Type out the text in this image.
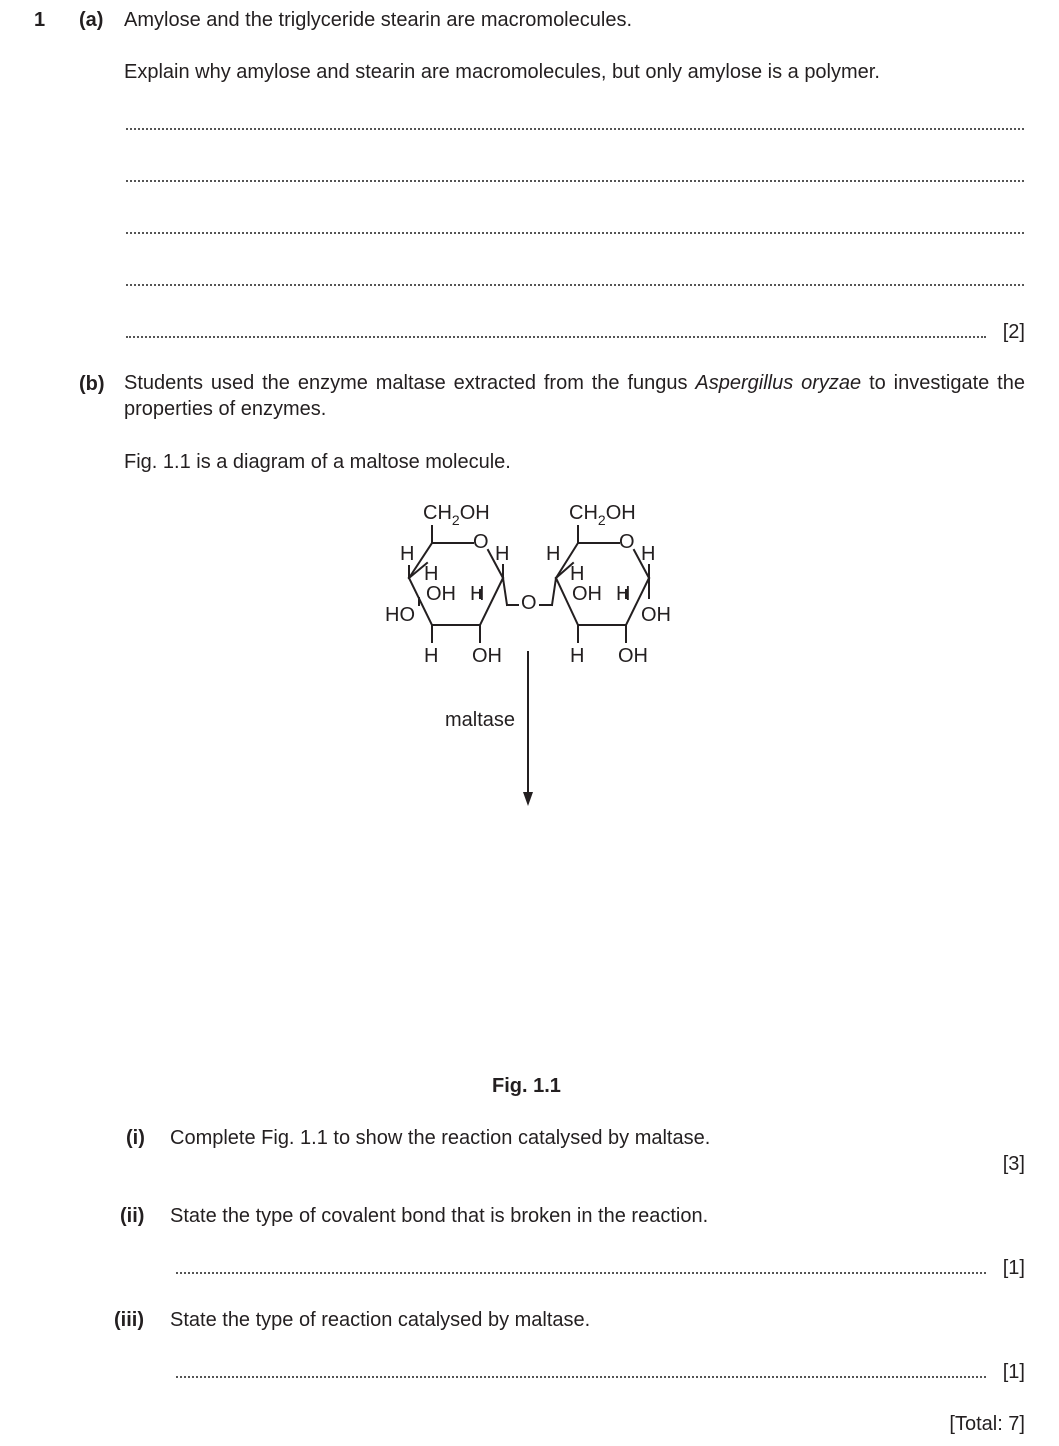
1 (a) Amylose and the triglyceride stearin are macromolecules.
Explain why amylose and stearin are macromolecules, but only amylose is a polymer.
[2]
(b) Students used the enzyme maltase extracted from the fungus Aspergillus oryzae to investigate the properties of enzymes.
Fig. 1.1 is a diagram of a maltose molecule.
$CH_2OH$
O
H	H
H
OH H
HO
H OH
O
$CH_2OH$
O
H	H
H
OH H
OH
H OH
maltase
Fig. 1.1
(i) Complete Fig. 1.1 to show the reaction catalysed by maltase.
[3]
(ii) State the type of covalent bond that is broken in the reaction.
[1]
(iii) State the type of reaction catalysed by maltase.
[1]
[Total: 7]
